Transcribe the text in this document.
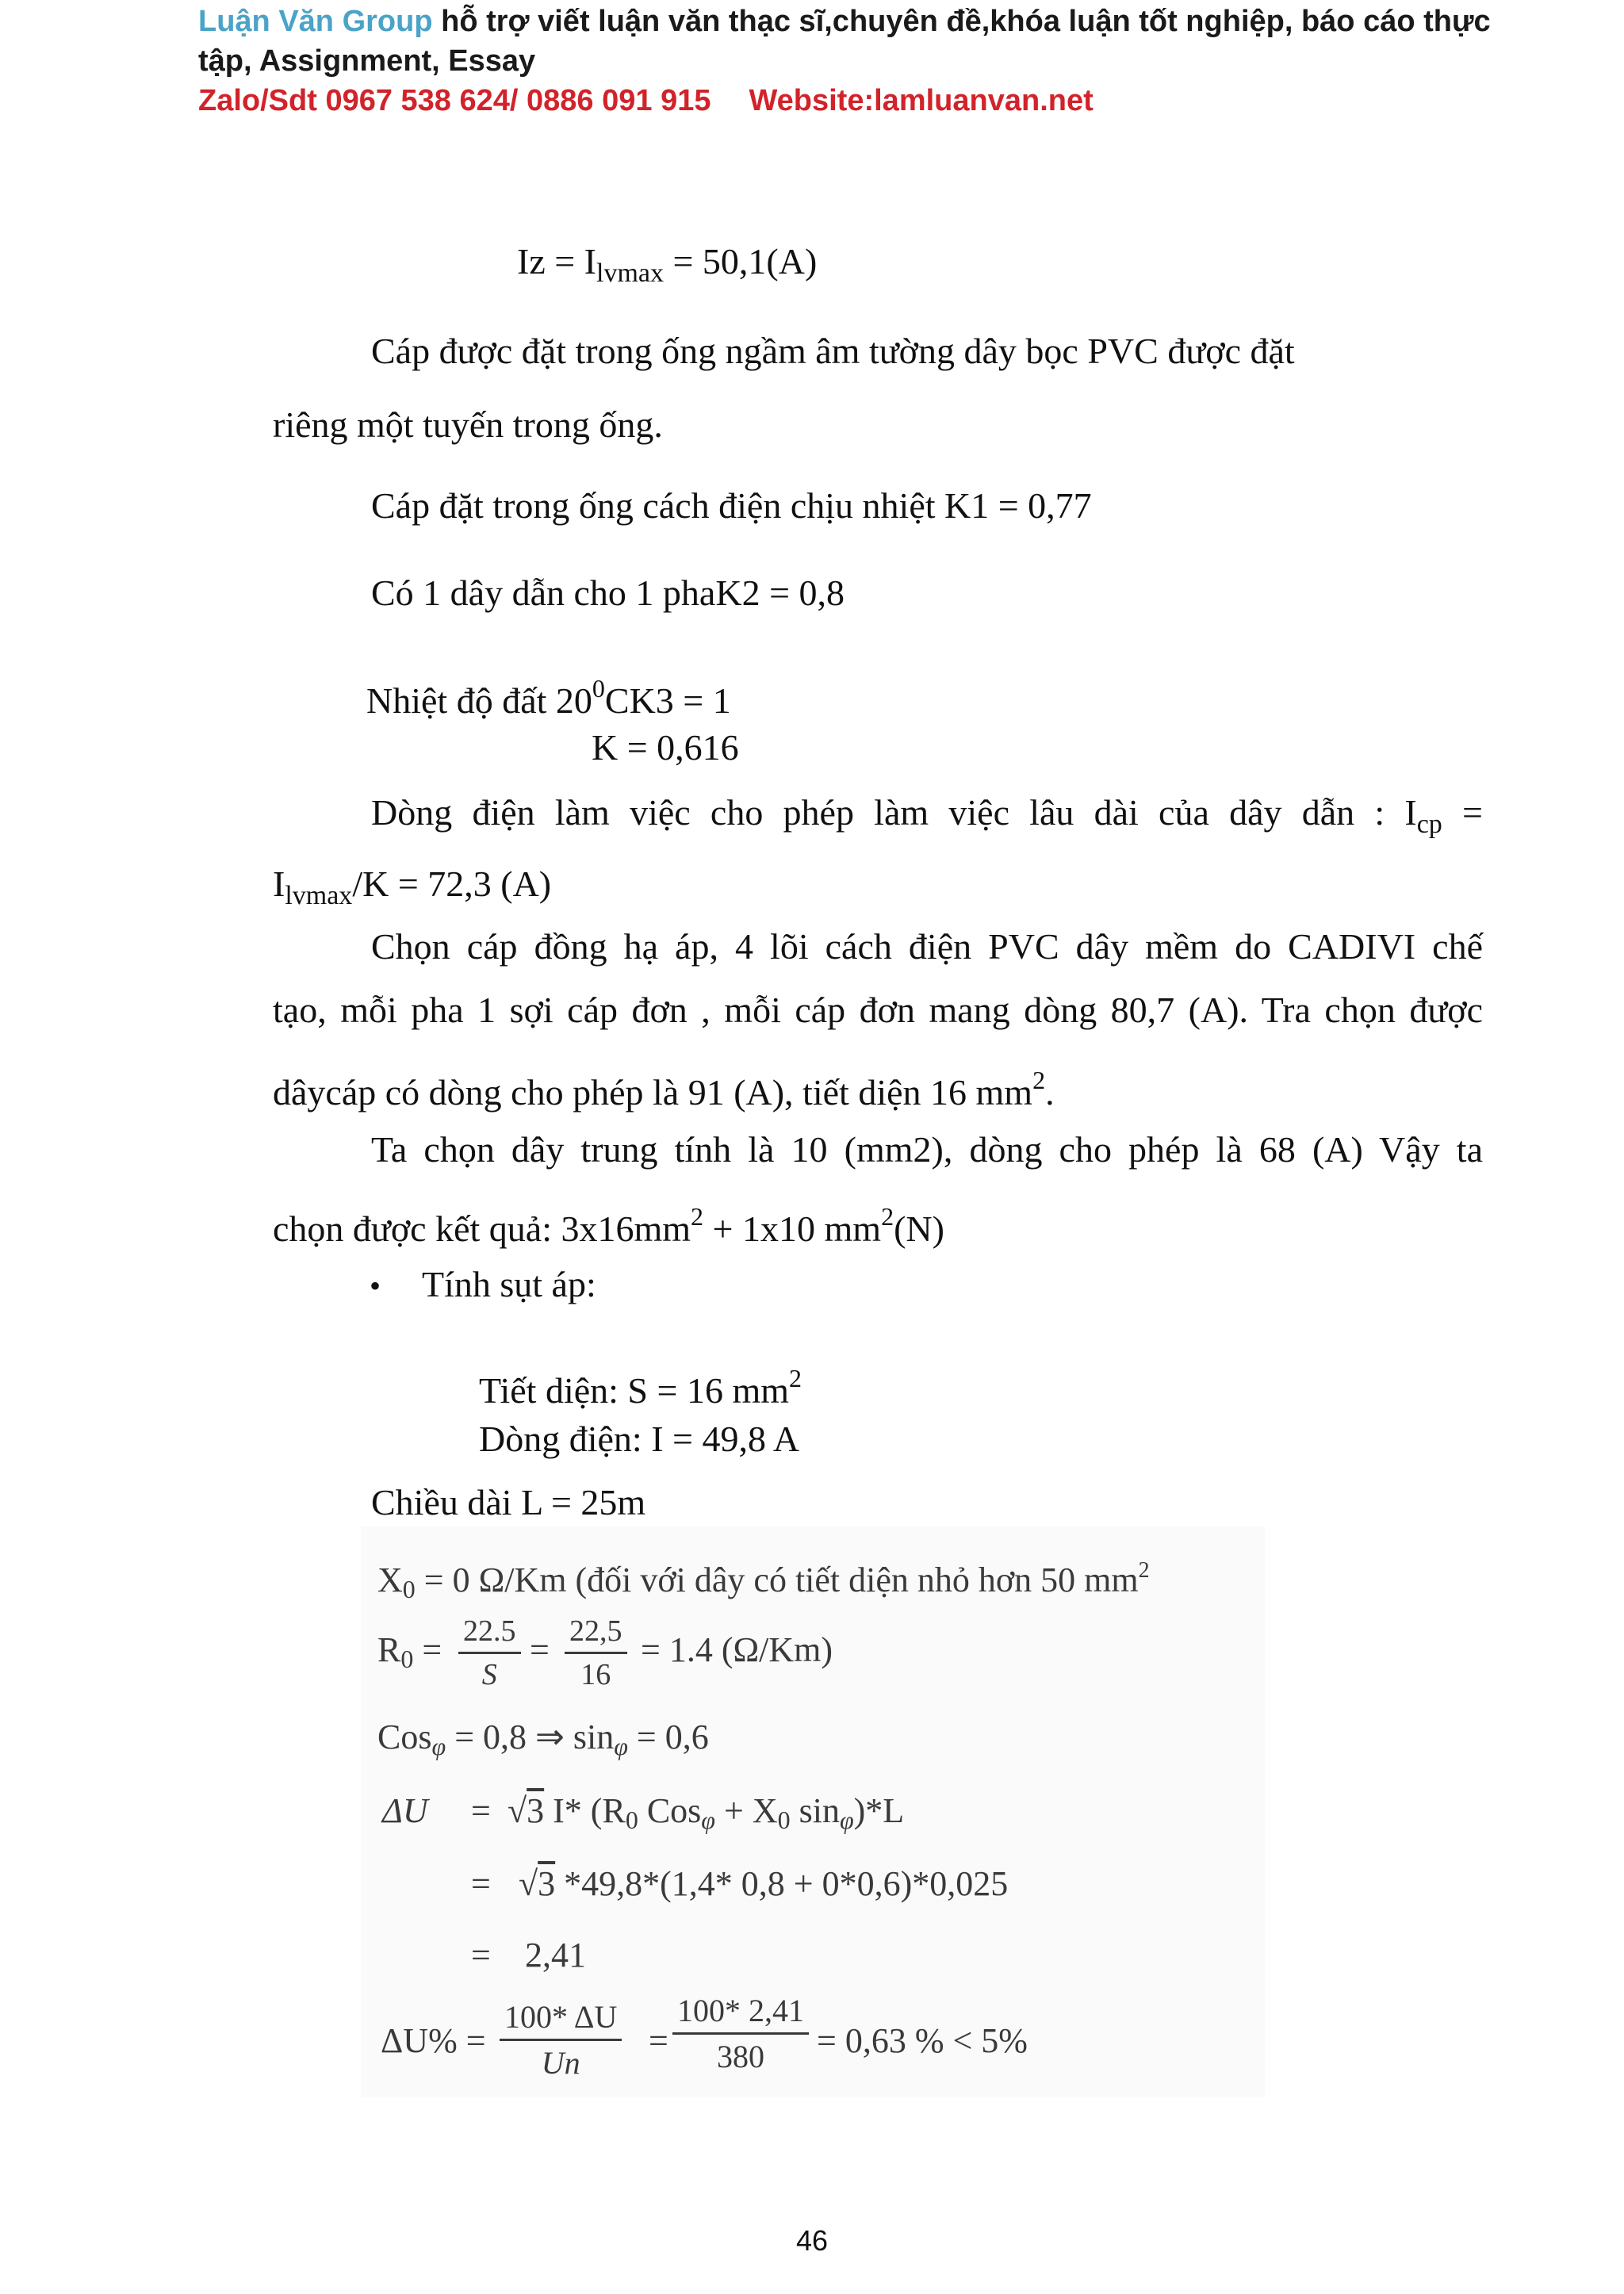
Luận Văn Group hỗ trợ viết luận văn thạc sĩ,chuyên đề,khóa luận tốt nghiệp, báo cáo thực
tập, Assignment, Essay
Zalo/Sdt 0967 538 624/ 0886 091 915 Website:lamluanvan.net
$Iz = I_{lvmax} = 50,1(A)$
Cáp được đặt trong ống ngầm âm tường dây bọc PVC được đặt
riêng một tuyến trong ống.
Cáp đặt trong ống cách điện chịu nhiệt K1 = 0,77
Có 1 dây dẫn cho 1 phaK2 = 0,8
Nhiệt độ đất $20^0CK3 = 1$
K = 0,616
Dòng điện làm việc cho phép làm việc lâu dài của dây dẫn : $I_{cp}$ =
$I_{lvmax}/K = 72,3$ (A)
Chọn cáp đồng hạ áp, 4 lõi cách điện PVC dây mềm do CADIVI chế
tạo, mỗi pha 1 sợi cáp đơn , mỗi cáp đơn mang dòng 80,7 (A). Tra chọn được
dâycáp có dòng cho phép là 91 (A), tiết diện 16 $mm^2$.
Ta chọn dây trung tính là 10 (mm2), dòng cho phép là 68 (A) Vậy ta
chọn được kết quả: $3x16mm^2 + 1x10$ $mm^2(N)$
• Tính sụt áp:
Tiết diện: S = 16 $mm^2$
Dòng điện: I = 49,8 A
Chiều dài L = 25m
X0 = 0 Ω/Km (đối với dây có tiết diện nhỏ hơn 50 $mm^2$
$R0 = \frac{22.5}{S} = \frac{22,5}{16} = 1.4$ (Ω/Km)
Cosφ = 0,8 ⇒ sinφ = 0,6
ΔU = √3 I* (R0 Cosφ + X0 sinφ)*L
= √3 *49,8*(1,4* 0,8 + 0*0,6)*0,025
= 2,41
$\Delta U\% = \frac{100* \Delta U}{Un} = \frac{100* 2,41}{380} = 0,63$ % < 5%
46
